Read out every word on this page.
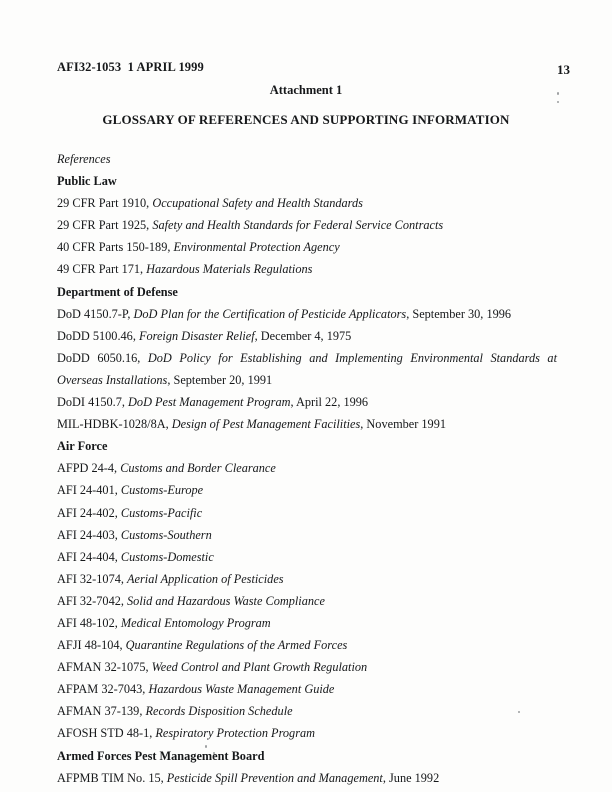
AFI32-1053  1 APRIL 1999	13
Attachment 1
GLOSSARY OF REFERENCES AND SUPPORTING INFORMATION
References
Public Law
29 CFR Part 1910, Occupational Safety and Health Standards
29 CFR Part 1925, Safety and Health Standards for Federal Service Contracts
40 CFR Parts 150-189, Environmental Protection Agency
49 CFR Part 171, Hazardous Materials Regulations
Department of Defense
DoD 4150.7-P, DoD Plan for the Certification of Pesticide Applicators, September 30, 1996
DoDD 5100.46, Foreign Disaster Relief, December 4, 1975
DoDD 6050.16, DoD Policy for Establishing and Implementing Environmental Standards at Overseas Installations, September 20, 1991
DoDI 4150.7, DoD Pest Management Program, April 22, 1996
MIL-HDBK-1028/8A, Design of Pest Management Facilities, November 1991
Air Force
AFPD 24-4, Customs and Border Clearance
AFI 24-401, Customs-Europe
AFI 24-402, Customs-Pacific
AFI 24-403, Customs-Southern
AFI 24-404, Customs-Domestic
AFI 32-1074, Aerial Application of Pesticides
AFI 32-7042, Solid and Hazardous Waste Compliance
AFI 48-102, Medical Entomology Program
AFJI 48-104, Quarantine Regulations of the Armed Forces
AFMAN 32-1075, Weed Control and Plant Growth Regulation
AFPAM 32-7043, Hazardous Waste Management Guide
AFMAN 37-139, Records Disposition Schedule
AFOSH STD 48-1, Respiratory Protection Program
Armed Forces Pest Management Board
AFPMB TIM No. 15, Pesticide Spill Prevention and Management, June 1992
